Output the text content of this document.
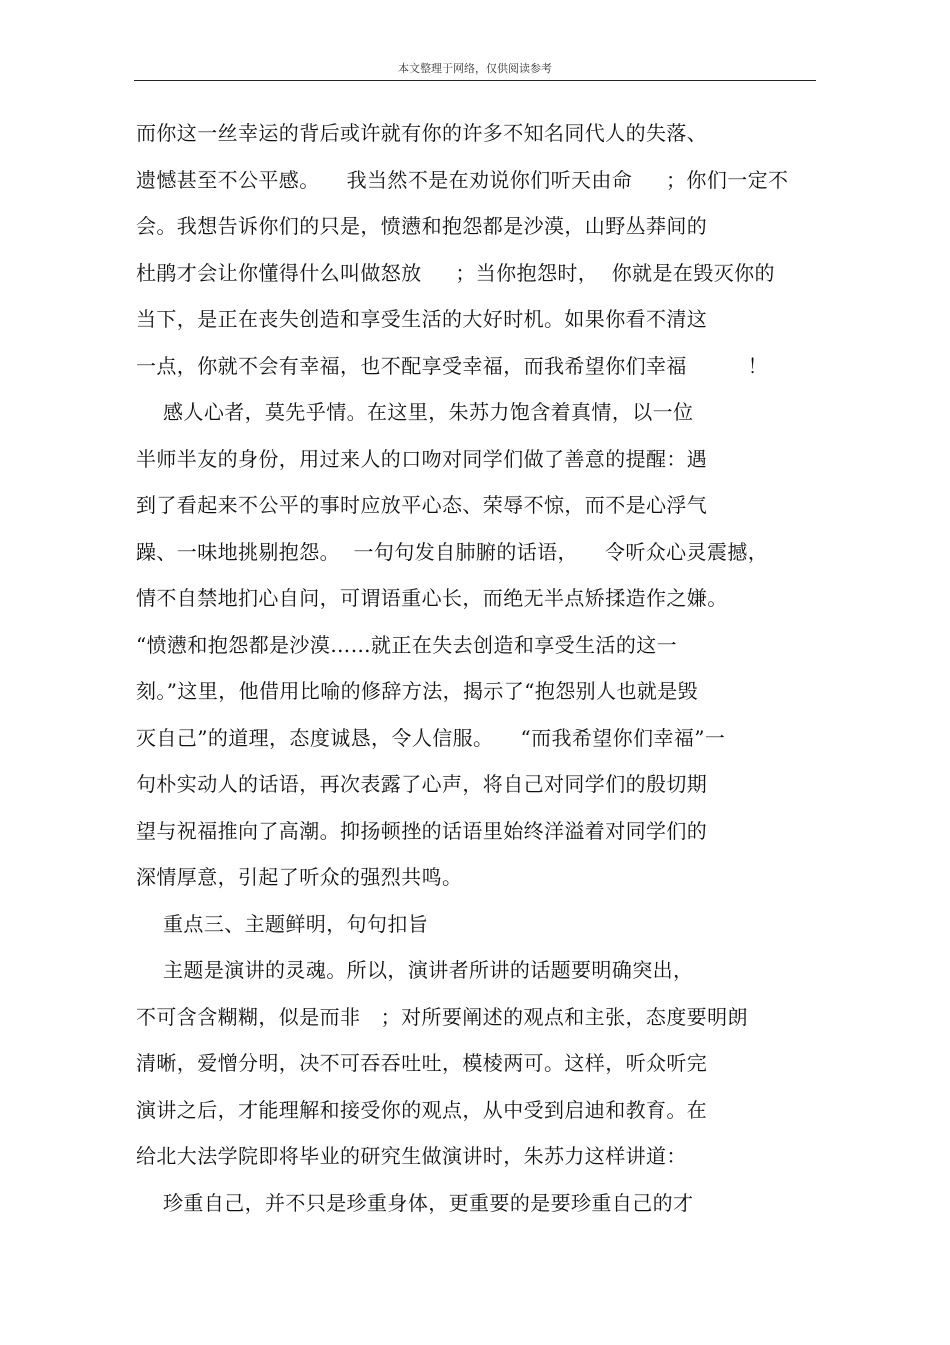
本文整理于网络，仅供阅读参考
而你这一丝幸运的背后或许就有你的许多不知名同代人的失落、
遗憾甚至不公平感。    我当然不是在劝说你们听天由命     ；你们一定不
会。我想告诉你们的只是，愤懑和抱怨都是沙漠，山野丛莽间的
杜鹃才会让你懂得什么叫做怒放     ；当你抱怨时，  你就是在毁灭你的
当下，是正在丧失创造和享受生活的大好时机。如果你看不清这
一点，你就不会有幸福，也不配享受幸福，而我希望你们幸福         ！
感人心者，莫先乎情。在这里，朱苏力饱含着真情，以一位
半师半友的身份，用过来人的口吻对同学们做了善意的提醒：遇
到了看起来不公平的事时应放平心态、荣辱不惊，而不是心浮气
躁、一味地挑剔抱怨。  一句句发自肺腑的话语，    令听众心灵震撼，
情不自禁地扪心自问，可谓语重心长，而绝无半点矫揉造作之嫌。
“愤懑和抱怨都是沙漠……就正在失去创造和享受生活的这一
刻。”这里，他借用比喻的修辞方法，揭示了“抱怨别人也就是毁
灭自己”的道理，态度诚恳，令人信服。    “而我希望你们幸福”一
句朴实动人的话语，再次表露了心声，将自己对同学们的殷切期
望与祝福推向了高潮。抑扬顿挫的话语里始终洋溢着对同学们的
深情厚意，引起了听众的强烈共鸣。
重点三、主题鲜明，句句扣旨
主题是演讲的灵魂。所以，演讲者所讲的话题要明确突出，
不可含含糊糊，似是而非   ；对所要阐述的观点和主张，态度要明朗
清晰，爱憎分明，决不可吞吞吐吐，模棱两可。这样，听众听完
演讲之后，才能理解和接受你的观点，从中受到启迪和教育。在
给北大法学院即将毕业的研究生做演讲时，朱苏力这样讲道：
珍重自己，并不只是珍重身体，更重要的是要珍重自己的才
